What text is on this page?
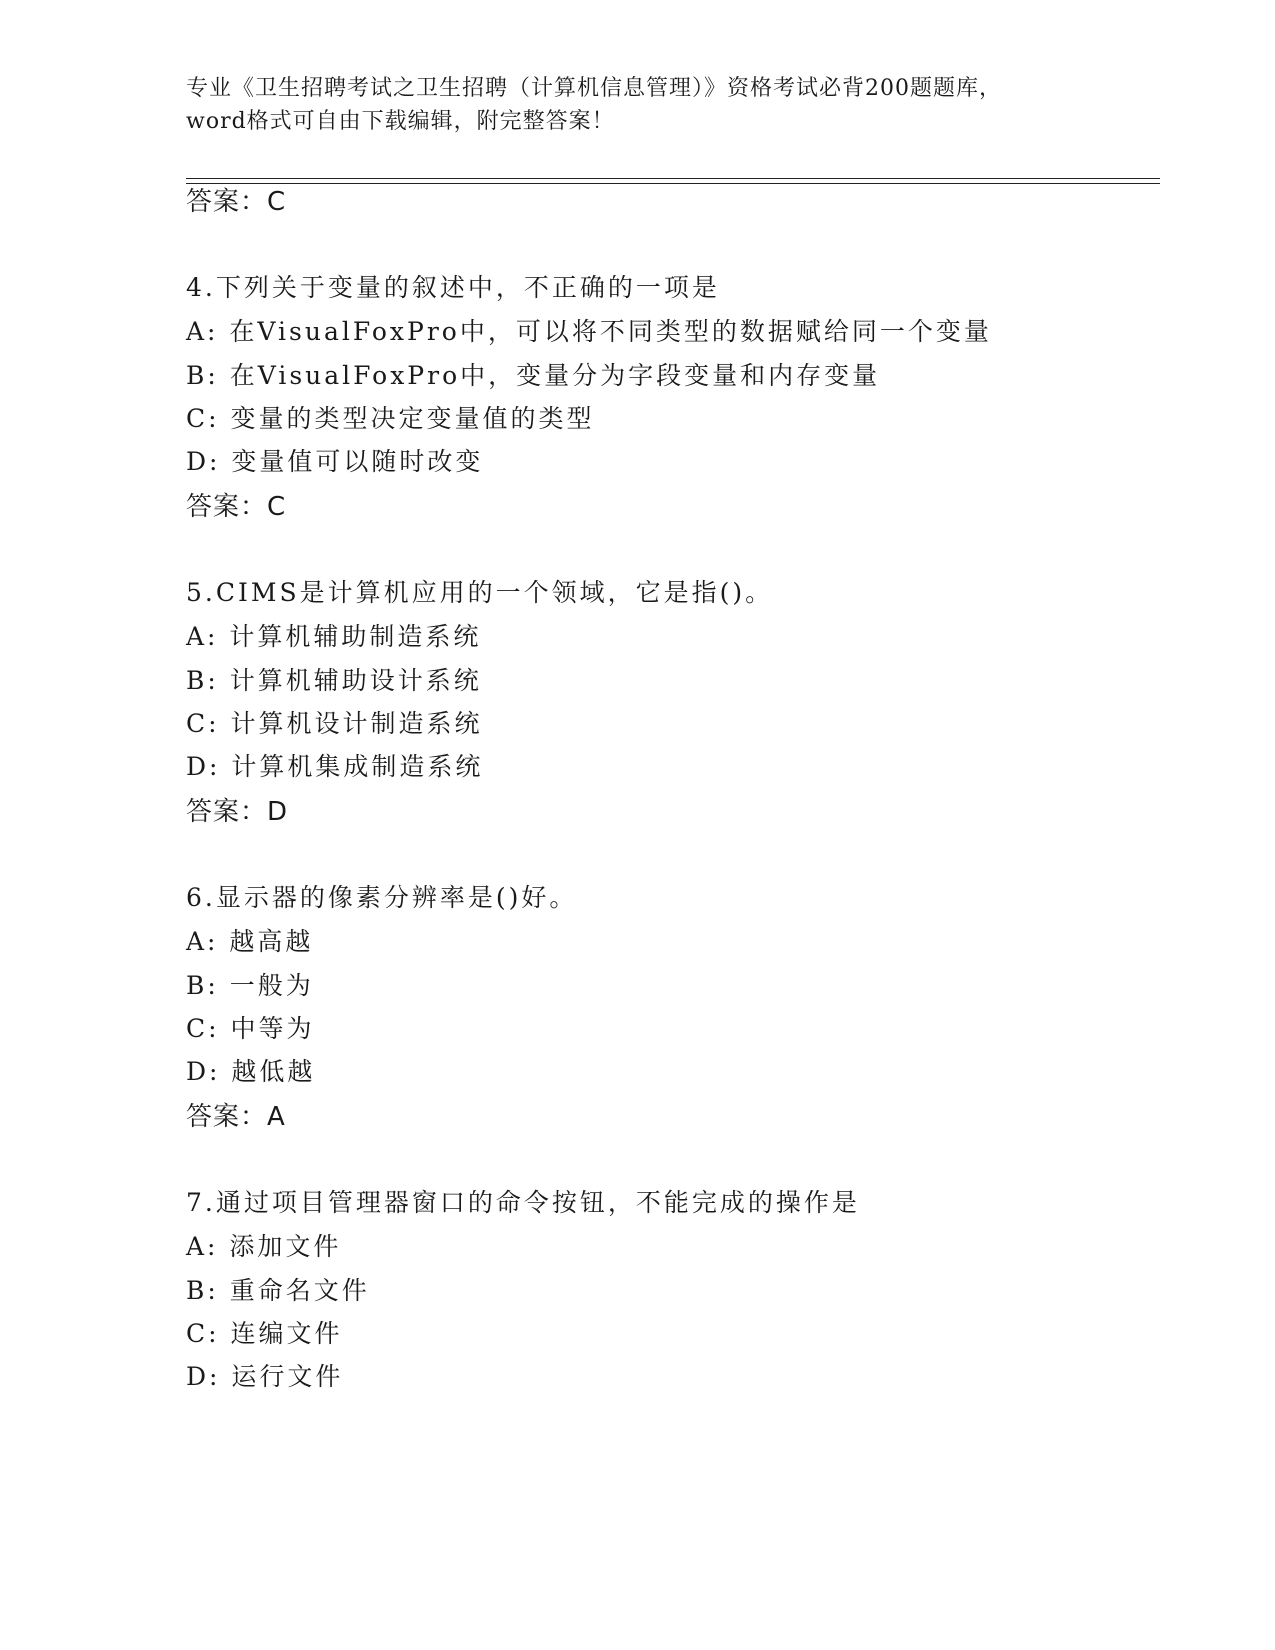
专业《卫生招聘考试之卫生招聘（计算机信息管理）》资格考试必背200题题库，
word格式可自由下载编辑，附完整答案！
答案：C
4.下列关于变量的叙述中，不正确的一项是
A: 在VisualFoxPro中，可以将不同类型的数据赋给同一个变量
B: 在VisualFoxPro中，变量分为字段变量和内存变量
C: 变量的类型决定变量值的类型
D: 变量值可以随时改变
答案：C
5.CIMS是计算机应用的一个领域，它是指()。
A: 计算机辅助制造系统
B: 计算机辅助设计系统
C: 计算机设计制造系统
D: 计算机集成制造系统
答案：D
6.显示器的像素分辨率是()好。
A: 越高越
B: 一般为
C: 中等为
D: 越低越
答案：A
7.通过项目管理器窗口的命令按钮，不能完成的操作是
A: 添加文件
B: 重命名文件
C: 连编文件
D: 运行文件
